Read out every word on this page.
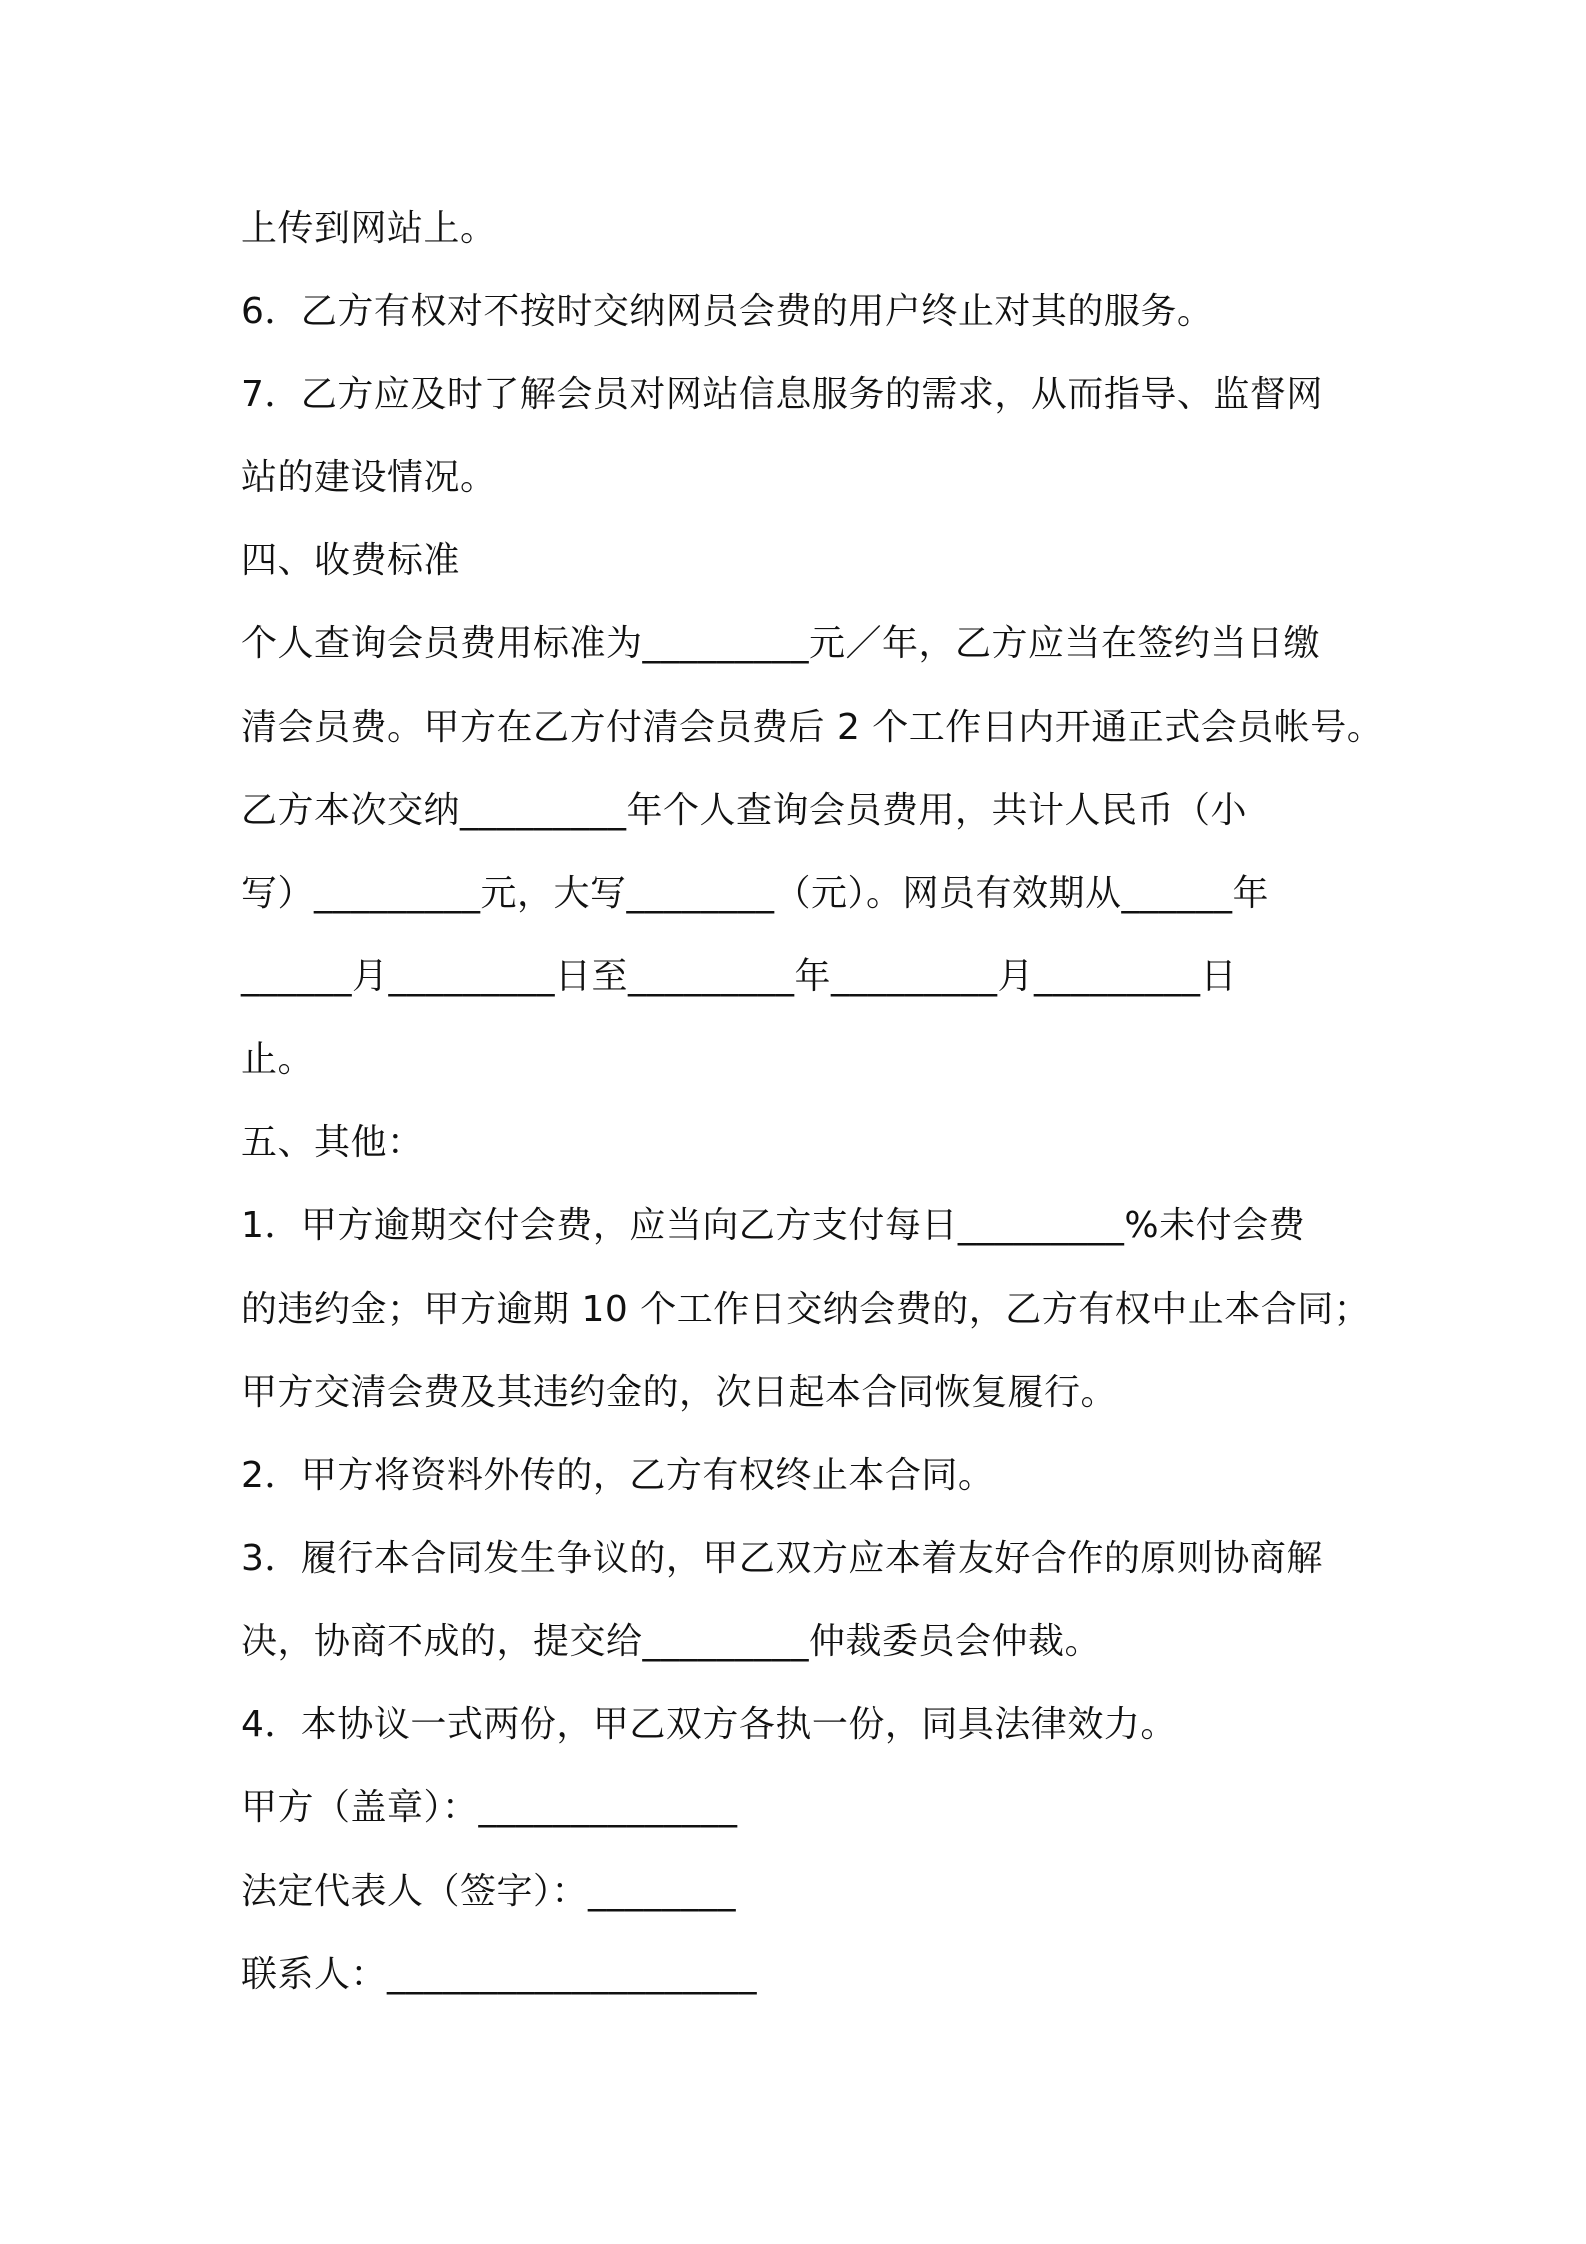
上传到网站上。
6．乙方有权对不按时交纳网员会费的用户终止对其的服务。
7．乙方应及时了解会员对网站信息服务的需求，从而指导、监督网
站的建设情况。
四、收费标准
个人查询会员费用标准为_________元／年，乙方应当在签约当日缴
清会员费。甲方在乙方付清会员费后 2 个工作日内开通正式会员帐号。
乙方本次交纳_________年个人查询会员费用，共计人民币（小
写）_________元，大写________（元）。网员有效期从______年
______月_________日至_________年_________月_________日
止。
五、其他：
1．甲方逾期交付会费，应当向乙方支付每日_________%未付会费
的违约金；甲方逾期 10 个工作日交纳会费的，乙方有权中止本合同；
甲方交清会费及其违约金的，次日起本合同恢复履行。
2．甲方将资料外传的，乙方有权终止本合同。
3．履行本合同发生争议的，甲乙双方应本着友好合作的原则协商解
决，协商不成的，提交给_________仲裁委员会仲裁。
4．本协议一式两份，甲乙双方各执一份，同具法律效力。
甲方（盖章）：______________
法定代表人（签字）：________
联系人：____________________
